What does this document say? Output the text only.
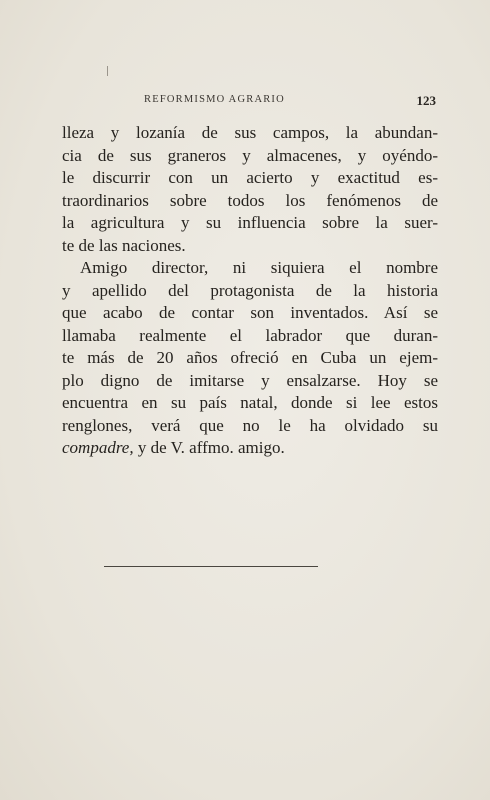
REFORMISMO AGRARIO	123
lleza y lozanía de sus campos, la abundan-
cia de sus graneros y almacenes, y oyéndo-
le discurrir con un acierto y exactitud es-
traordinarios sobre todos los fenómenos de
la agricultura y su influencia sobre la suer-
te de las naciones.
Amigo director, ni siquiera el nombre
y apellido del protagonista de la historia
que acabo de contar son inventados. Así se
llamaba realmente el labrador que duran-
te más de 20 años ofreció en Cuba un ejem-
plo digno de imitarse y ensalzarse. Hoy se
encuentra en su país natal, donde si lee estos
renglones, verá que no le ha olvidado su
compadre, y de V. affmo. amigo.
